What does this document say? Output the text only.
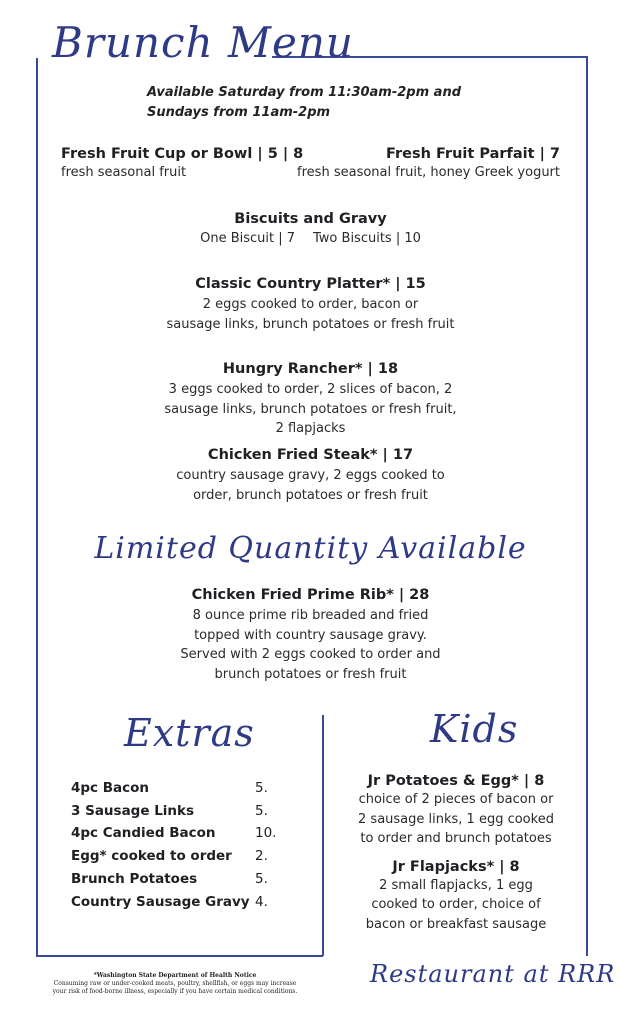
Brunch Menu
Available Saturday from 11:30am-2pm and
Sundays from 11am-2pm
Fresh Fruit Cup or Bowl | 5 | 8
fresh seasonal fruit
Fresh Fruit Parfait | 7
fresh seasonal fruit, honey Greek yogurt
Biscuits and Gravy
One Biscuit | 7 Two Biscuits | 10
Classic Country Platter* | 15
2 eggs cooked to order, bacon or
sausage links, brunch potatoes or fresh fruit
Hungry Rancher* | 18
3 eggs cooked to order, 2 slices of bacon, 2
sausage links, brunch potatoes or fresh fruit,
2 flapjacks
Chicken Fried Steak* | 17
country sausage gravy, 2 eggs cooked to
order, brunch potatoes or fresh fruit
Limited Quantity Available
Chicken Fried Prime Rib* | 28
8 ounce prime rib breaded and fried
topped with country sausage gravy.
Served with 2 eggs cooked to order and
brunch potatoes or fresh fruit
Extras
4pc Bacon	5.
3 Sausage Links	5.
4pc Candied Bacon	10.
Egg* cooked to order 2.
Brunch Potatoes	5.
Country Sausage Gravy 4.
Kids
Jr Potatoes & Egg* | 8
choice of 2 pieces of bacon or
2 sausage links, 1 egg cooked
to order and brunch potatoes
Jr Flapjacks* | 8
2 small flapjacks, 1 egg
cooked to order, choice of
bacon or breakfast sausage
*Washington State Department of Health Notice
Consuming raw or under-cooked meats, poultry, shellfish, or eggs may increase
your risk of food-borne illness, especially if you have certain medical conditions.
Restaurant at RRR
